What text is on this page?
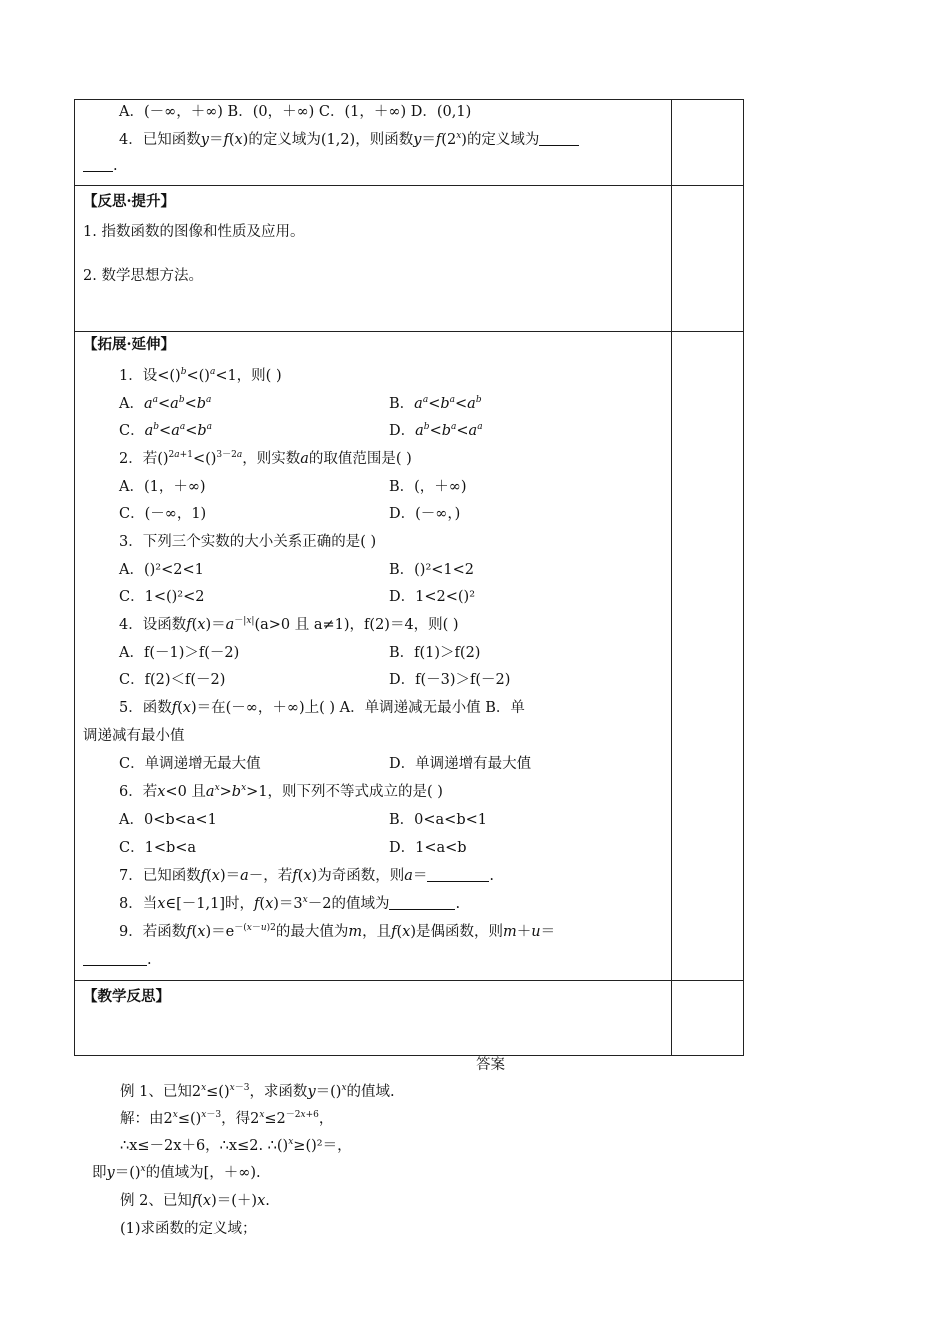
A．(－∞，＋∞) B．(0，＋∞) C．(1，＋∞) D．(0,1)
4．已知函数y＝f(x)的定义域为(1,2)，则函数$y=f(2^x)$的定义域为
.
【反思·提升】
1. 指数函数的图像和性质及应用。
2. 数学思想方法。
【拓展·延伸】
1．设<()$^b$<()$^a$<1，则( )
A．$a^a<a^b<b^a$	B．$a^a<b^a<a^b$
C．$a^b<a^a<b^a$	D．$a^b<b^a<a^a$
2．若()$^{2a+1}$<()$^{3-2a}$，则实数a的取值范围是( )
A．(1，＋∞)	B．(，＋∞)
C．(－∞，1)	D．(－∞，)
3．下列三个实数的大小关系正确的是( )
A．()²<2<1	B．()²<1<2
C．1<()²<2	D．1<2<()²
4．设函数$f(x)=a^{-|x|}(a>0$ 且 a≠1)，f(2)＝4，则( )
A．f(－1)＞f(－2)	B．f(1)＞f(2)
C．f(2)＜f(－2)	D．f(－3)＞f(－2)
5．函数f(x)＝在(－∞，＋∞)上( ) A．单调递减无最小值 B．单
调递减有最小值
C．单调递增无最大值	D．单调递增有最大值
6．若x<0 且$a^x>b^x>1$，则下列不等式成立的是( )
A．0<b<a<1	B．0<a<b<1
C．1<b<a	D．1<a<b
7．已知函数f(x)＝a－，若f(x)为奇函数，则a＝	.
8．当x∈[－1,1]时，$f(x)=3^x-2$的值域为	.
9．若函数$f(x)=e^{-(x-u)2}$的最大值为m，且f(x)是偶函数，则m＋u＝
.
【教学反思】
答案
例 1、已知$2^x\le()^{x-3}$，求函数y＝()$^x$的值域.
解：由$2^x\le()^{x-3}$，得$2^x\le 2^{-2x+6}$，
∴x≤－2x＋6，∴x≤2. ∴()$^x$≥()²＝，
即y＝()$^x$的值域为[，＋∞).
例 2、已知f(x)＝(＋)x.
(1)求函数的定义域；
